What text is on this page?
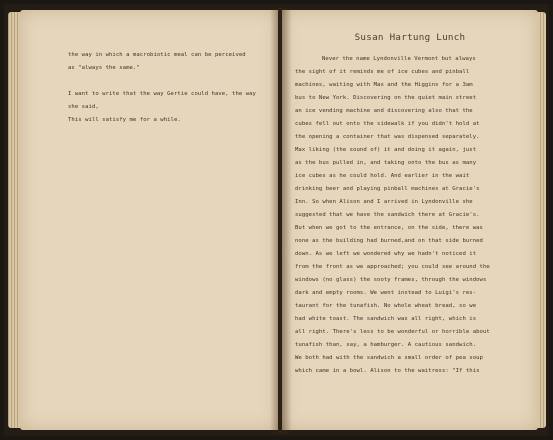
the way in which a macrobiotic meal can be perceived
as "always the same."
I want to write that the way Gertie could have, the way
she said,
This will satisfy me for a while.
Susan Hartung Lunch
Never the name Lyndonville Vermont but always
the sight of it reminds me of ice cubes and pinball
machines, waiting with Max and the Higgins for a 3am
bus to New York. Discovering on the quiet main street
an ice vending machine and discovering also that the
cubes fell out onto the sidewalk if you didn't hold at
the opening a container that was dispensed separately.
Max liking (the sound of) it and doing it again, just
as the bus pulled in, and taking onto the bus as many
ice cubes as he could hold. And earlier in the wait
drinking beer and playing pinball machines at Gracie's
Inn. So when Alison and I arrived in Lyndonville she
suggested that we have the sandwich there at Gracie's.
But when we got to the entrance, on the side, there was
none as the building had burned,and on that side burned
down. As we left we wondered why we hadn't noticed it
from the front as we approached; you could see around the
windows (no glass) the sooty frames, through the windows
dark and empty rooms. We went instead to Luigi's res-
taurant for the tunafish. No whole wheat bread, so we
had white toast. The sandwich was all right, which is
all right. There's less to be wonderful or horrible about
tunafish than, say, a hamburger. A cautious sandwich.
We both had with the sandwich a small order of pea soup
which came in a bowl. Alison to the waitress: "If this
